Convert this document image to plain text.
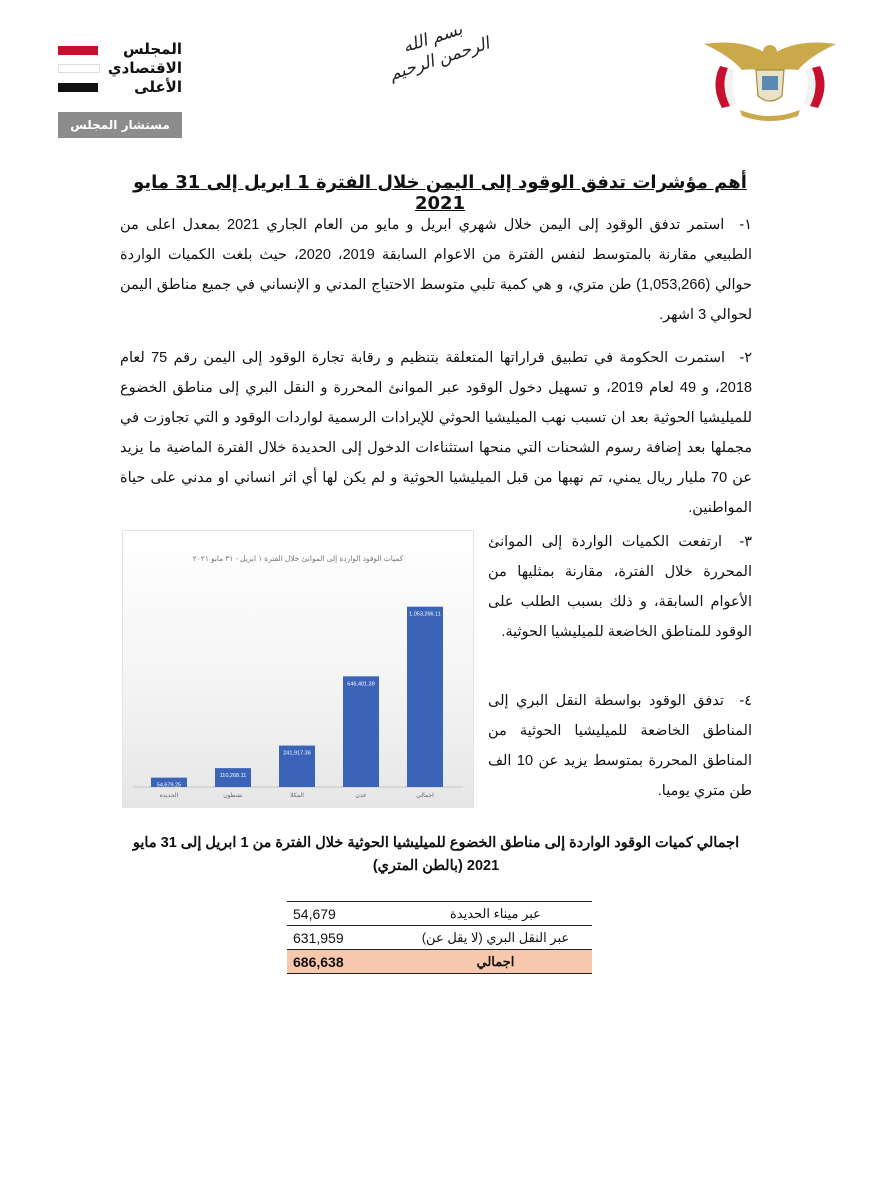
بسم الله الرحمن الرحيم
المجلس
الاقتصادي
الأعلى
مستشار المجلس
أهم مؤشرات تدفق الوقود إلى اليمن خلال الفترة 1 ابريل إلى 31 مايو 2021
١- استمر تدفق الوقود إلى اليمن خلال شهري ابريل و مايو من العام الجاري 2021 بمعدل اعلى من الطبيعي مقارنة بالمتوسط لنفس الفترة من الاعوام السابقة 2019، 2020، حيث بلغت الكميات الواردة حوالي (1,053,266) طن متري، و هي كمية تلبي متوسط الاحتياج المدني و الإنساني في جميع مناطق اليمن لحوالي 3 اشهر.
٢- استمرت الحكومة في تطبيق قراراتها المتعلقة بتنظيم و رقابة تجارة الوقود إلى اليمن رقم 75 لعام 2018، و 49 لعام 2019، و تسهيل دخول الوقود عبر الموانئ المحررة و النقل البري إلى مناطق الخضوع للميليشيا الحوثية بعد ان تسبب نهب الميليشيا الحوثي للإيرادات الرسمية لواردات الوقود و التي تجاوزت في مجملها بعد إضافة رسوم الشحنات التي منحها استثناءات الدخول إلى الحديدة خلال الفترة الماضية ما يزيد عن 70 مليار ريال يمني، تم نهبها من قبل الميليشيا الحوثية و لم يكن لها أي اثر انساني او مدني على حياة المواطنين.
٣- ارتفعت الكميات الواردة إلى الموانئ المحررة خلال الفترة، مقارنة بمثليها من الأعوام السابقة، و ذلك بسبب الطلب على الوقود للمناطق الخاضعة للميليشيا الحوثية.
٤- تدفق الوقود بواسطة النقل البري إلى المناطق الخاضعة للميليشيا الحوثية من المناطق المحررة بمتوسط يزيد عن 10 الف طن متري يوميا.
كميات الوقود الواردة إلى الموانئ خلال الفترة ١ ابريل - ٣١ مايو ٢٠٢١
54,679.25
الحديدة
110,268.11
نشطون
241,917.36
المكلا
646,401.39
عدن
1,053,266.11
اجمالي
اجمالي كميات الوقود الواردة إلى مناطق الخضوع للميليشيا الحوثية خلال الفترة من 1 ابريل إلى 31 مايو 2021 (بالطن المتري)
54,679	عبر ميناء الحديدة
631,959	عبر النقل البري (لا يقل عن)
686,638	اجمالي
